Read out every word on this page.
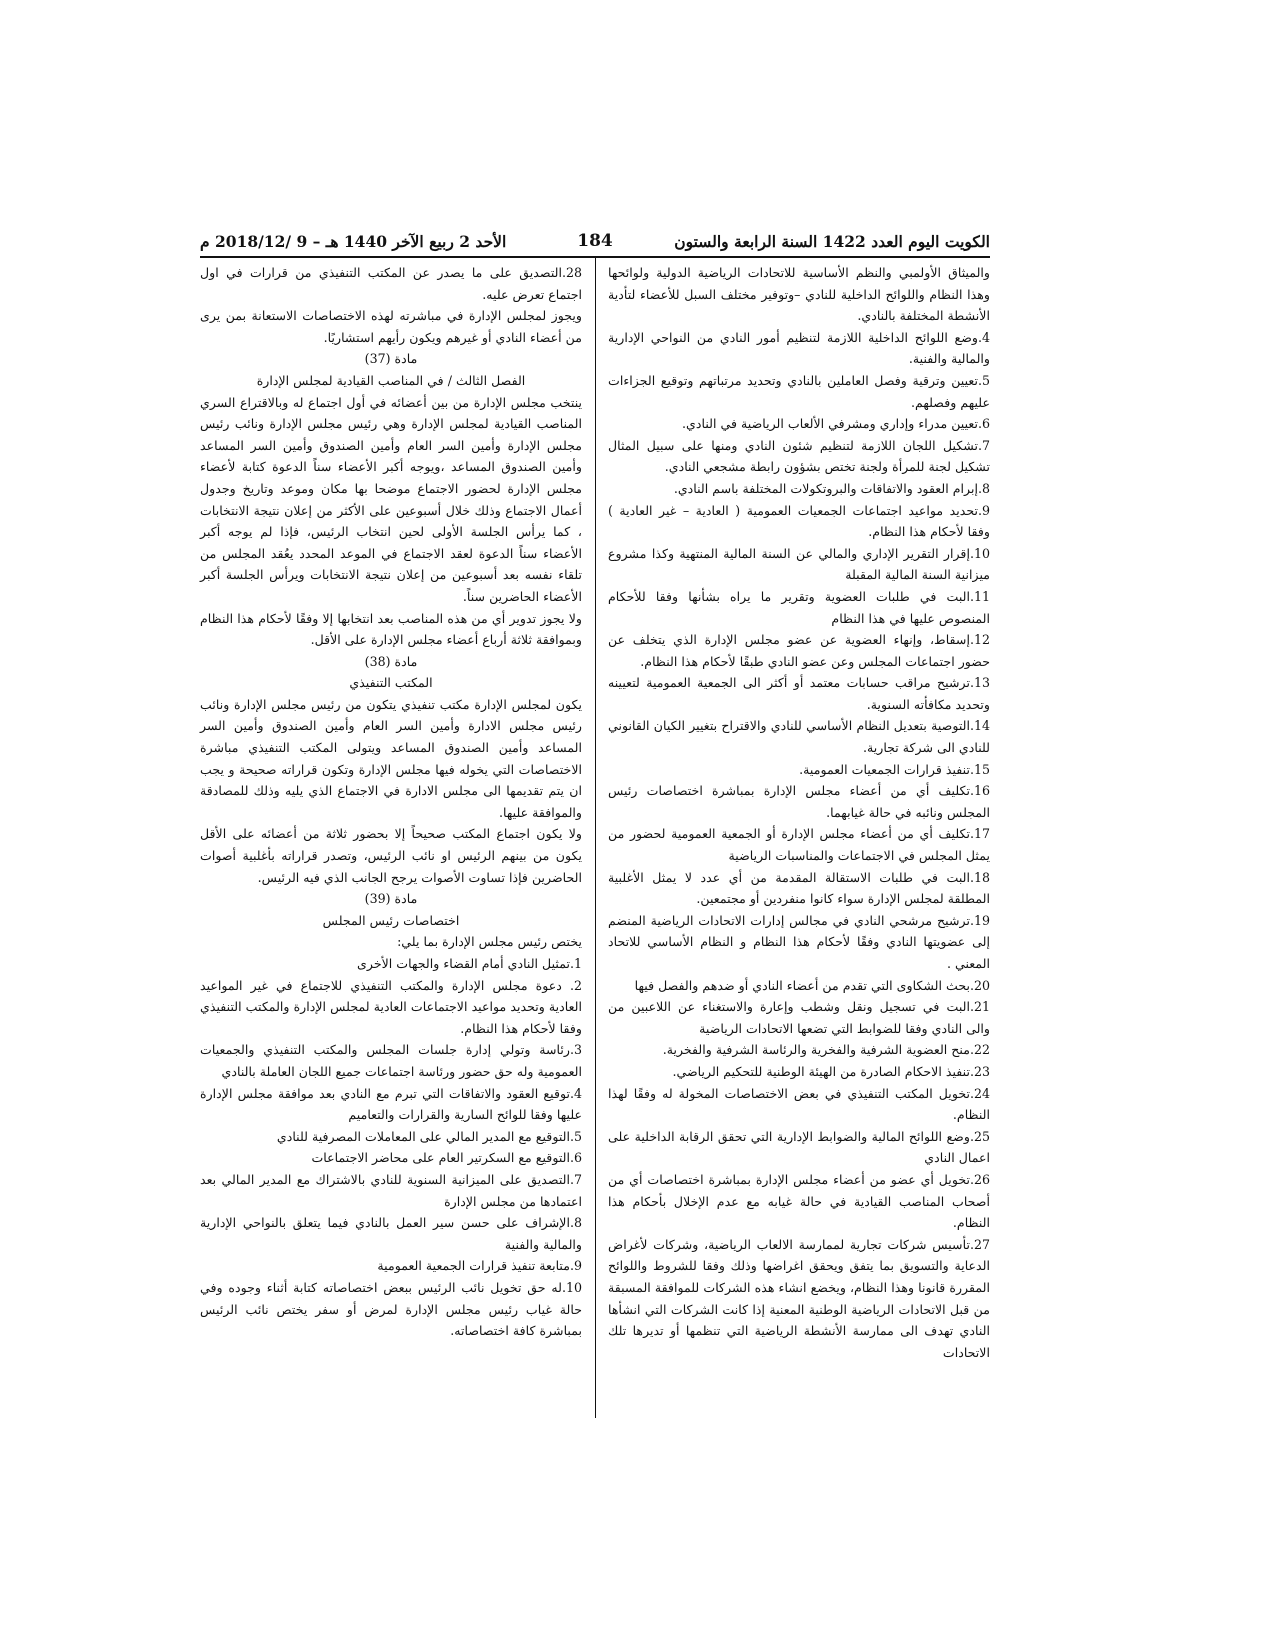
الكويت اليوم العدد 1422 السنة الرابعة والستون
184
الأحد 2 ربيع الآخر 1440 هـ – 9 /2018/12 م

والميثاق الأولمبي والنظم الأساسية للاتحادات الرياضية الدولية ولوائحها وهذا النظام واللوائح الداخلية للنادي –وتوفير مختلف السبل للأعضاء لتأدية الأنشطة المختلفة بالنادي.

4.وضع اللوائح الداخلية اللازمة لتنظيم أمور النادي من النواحي الإدارية والمالية والفنية.

5.تعيين وترقية وفصل العاملين بالنادي وتحديد مرتباتهم وتوقيع الجزاءات عليهم وفصلهم.

6.تعيين مدراء وإداري ومشرفي الألعاب الرياضية في النادي.

7.تشكيل اللجان اللازمة لتنظيم شئون النادي ومنها على سبيل المثال تشكيل لجنة للمرأة ولجنة تختص بشؤون رابطة مشجعي النادي.

8.إبرام العقود والاتفاقات والبروتكولات المختلفة باسم النادي.

9.تحديد مواعيد اجتماعات الجمعيات العمومية ( العادية – غير العادية ) وفقا لأحكام هذا النظام.

10.إقرار التقرير الإداري والمالي عن السنة المالية المنتهية وكذا مشروع ميزانية السنة المالية المقبلة

11.البت في طلبات العضوية وتقرير ما يراه بشأنها وفقا للأحكام المنصوص عليها في هذا النظام

12.إسقاط، وإنهاء العضوية عن عضو مجلس الإدارة الذي يتخلف عن حضور اجتماعات المجلس وعن عضو النادي طبقًا لأحكام هذا النظام.

13.ترشيح مراقب حسابات معتمد أو أكثر الى الجمعية العمومية لتعيينه وتحديد مكافأته السنوية.

14.التوصية بتعديل النظام الأساسي للنادي والاقتراح بتغيير الكيان القانوني للنادي الى شركة تجارية.

15.تنفيذ قرارات الجمعيات العمومية.

16.تكليف أي من أعضاء مجلس الإدارة بمباشرة اختصاصات رئيس المجلس ونائبه في حالة غيابهما.

17.تكليف أي من أعضاء مجلس الإدارة أو الجمعية العمومية لحضور من يمثل المجلس في الاجتماعات والمناسبات الرياضية

18.البت في طلبات الاستقالة المقدمة من أي عدد لا يمثل الأغلبية المطلقة لمجلس الإدارة سواء كانوا منفردين أو مجتمعين.

19.ترشيح مرشحي النادي في مجالس إدارات الاتحادات الرياضية المنضم إلى عضويتها النادي وفقًا لأحكام هذا النظام و النظام الأساسي للاتحاد المعني .

20.بحث الشكاوى التي تقدم من أعضاء النادي أو ضدهم والفصل فيها

21.البت في تسجيل ونقل وشطب وإعارة والاستغناء عن اللاعبين من والى النادي وفقا للضوابط التي تضعها الاتحادات الرياضية

22.منح العضوية الشرفية والفخرية والرئاسة الشرفية والفخرية.

23.تنفيذ الاحكام الصادرة من الهيئة الوطنية للتحكيم الرياضي.

24.تخويل المكتب التنفيذي في بعض الاختصاصات المخولة له وفقًا لهذا النظام.

25.وضع اللوائح المالية والضوابط الإدارية التي تحقق الرقابة الداخلية على اعمال النادي

26.تخويل أي عضو من أعضاء مجلس الإدارة بمباشرة اختصاصات أي من أصحاب المناصب القيادية في حالة غيابه مع عدم الإخلال بأحكام هذا النظام.

27.تأسيس شركات تجارية لممارسة الالعاب الرياضية، وشركات لأغراض الدعاية والتسويق بما يتفق ويحقق اغراضها وذلك وفقا للشروط واللوائح المقررة قانونا وهذا النظام، ويخضع انشاء هذه الشركات للموافقة المسبقة من قبل الاتحادات الرياضية الوطنية المعنية إذا كانت الشركات التي انشأها النادي تهدف الى ممارسة الأنشطة الرياضية التي تنظمها أو تديرها تلك الاتحادات

28.التصديق على ما يصدر عن المكتب التنفيذي من قرارات في اول اجتماع تعرض عليه.

ويجوز لمجلس الإدارة في مباشرته لهذه الاختصاصات الاستعانة بمن يرى من أعضاء النادي أو غيرهم ويكون رأيهم استشاريًا.

مادة (37)

الفصل الثالث / في المناصب القيادية لمجلس الإدارة

ينتخب مجلس الإدارة من بين أعضائه في أول اجتماع له وبالاقتراع السري المناصب القيادية لمجلس الإدارة وهي رئيس مجلس الإدارة ونائب رئيس مجلس الإدارة وأمين السر العام وأمين الصندوق وأمين السر المساعد وأمين الصندوق المساعد ،ويوجه أكبر الأعضاء سناً الدعوة كتابة لأعضاء مجلس الإدارة لحضور الاجتماع موضحا بها مكان وموعد وتاريخ وجدول أعمال الاجتماع وذلك خلال أسبوعين على الأكثر من إعلان نتيجة الانتخابات ، كما يرأس الجلسة الأولى لحين انتخاب الرئيس، فإذا لم يوجه أكبر الأعضاء سناً الدعوة لعقد الاجتماع في الموعد المحدد يعُقد المجلس من تلقاء نفسه بعد أسبوعين من إعلان نتيجة الانتخابات ويرأس الجلسة أكبر الأعضاء الحاضرين سناً.

ولا يجوز تدوير أي من هذه المناصب بعد انتخابها إلا وفقًا لأحكام هذا النظام وبموافقة ثلاثة أرباع أعضاء مجلس الإدارة على الأقل.

مادة (38)

المكتب التنفيذي

يكون لمجلس الإدارة مكتب تنفيذي يتكون من رئيس مجلس الإدارة ونائب رئيس مجلس الادارة وأمين السر العام وأمين الصندوق وأمين السر المساعد وأمين الصندوق المساعد ويتولى المكتب التنفيذي مباشرة الاختصاصات التي يخوله فيها مجلس الإدارة وتكون قراراته صحيحة و يجب ان يتم تقديمها الى مجلس الادارة في الاجتماع الذي يليه وذلك للمصادقة والموافقة عليها.

ولا يكون اجتماع المكتب صحيحاً إلا بحضور ثلاثة من أعضائه على الأقل يكون من بينهم الرئيس او نائب الرئيس، وتصدر قراراته بأغلبية أصوات الحاضرين فإذا تساوت الأصوات يرجح الجانب الذي فيه الرئيس.

مادة (39)

اختصاصات رئيس المجلس

يختص رئيس مجلس الإدارة بما يلي:

1.تمثيل النادي أمام القضاء والجهات الأخرى

2. دعوة مجلس الإدارة والمكتب التنفيذي للاجتماع في غير المواعيد العادية وتحديد مواعيد الاجتماعات العادية لمجلس الإدارة والمكتب التنفيذي وفقا لأحكام هذا النظام.

3.رئاسة وتولي إدارة جلسات المجلس والمكتب التنفيذي والجمعيات العمومية وله حق حضور ورئاسة اجتماعات جميع اللجان العاملة بالنادي

4.توقيع العقود والاتفاقات التي تبرم مع النادي بعد موافقة مجلس الإدارة عليها وفقا للوائح السارية والقرارات والتعاميم

5.التوقيع مع المدير المالي على المعاملات المصرفية للنادي

6.التوقيع مع السكرتير العام على محاضر الاجتماعات

7.التصديق على الميزانية السنوية للنادي بالاشتراك مع المدير المالي بعد اعتمادها من مجلس الإدارة

8.الإشراف على حسن سير العمل بالنادي فيما يتعلق بالنواحي الإدارية والمالية والفنية

9.متابعة تنفيذ قرارات الجمعية العمومية

10.له حق تخويل نائب الرئيس ببعض اختصاصاته كتابة أثناء وجوده وفي حالة غياب رئيس مجلس الإدارة لمرض أو سفر يختص نائب الرئيس بمباشرة كافة اختصاصاته.
